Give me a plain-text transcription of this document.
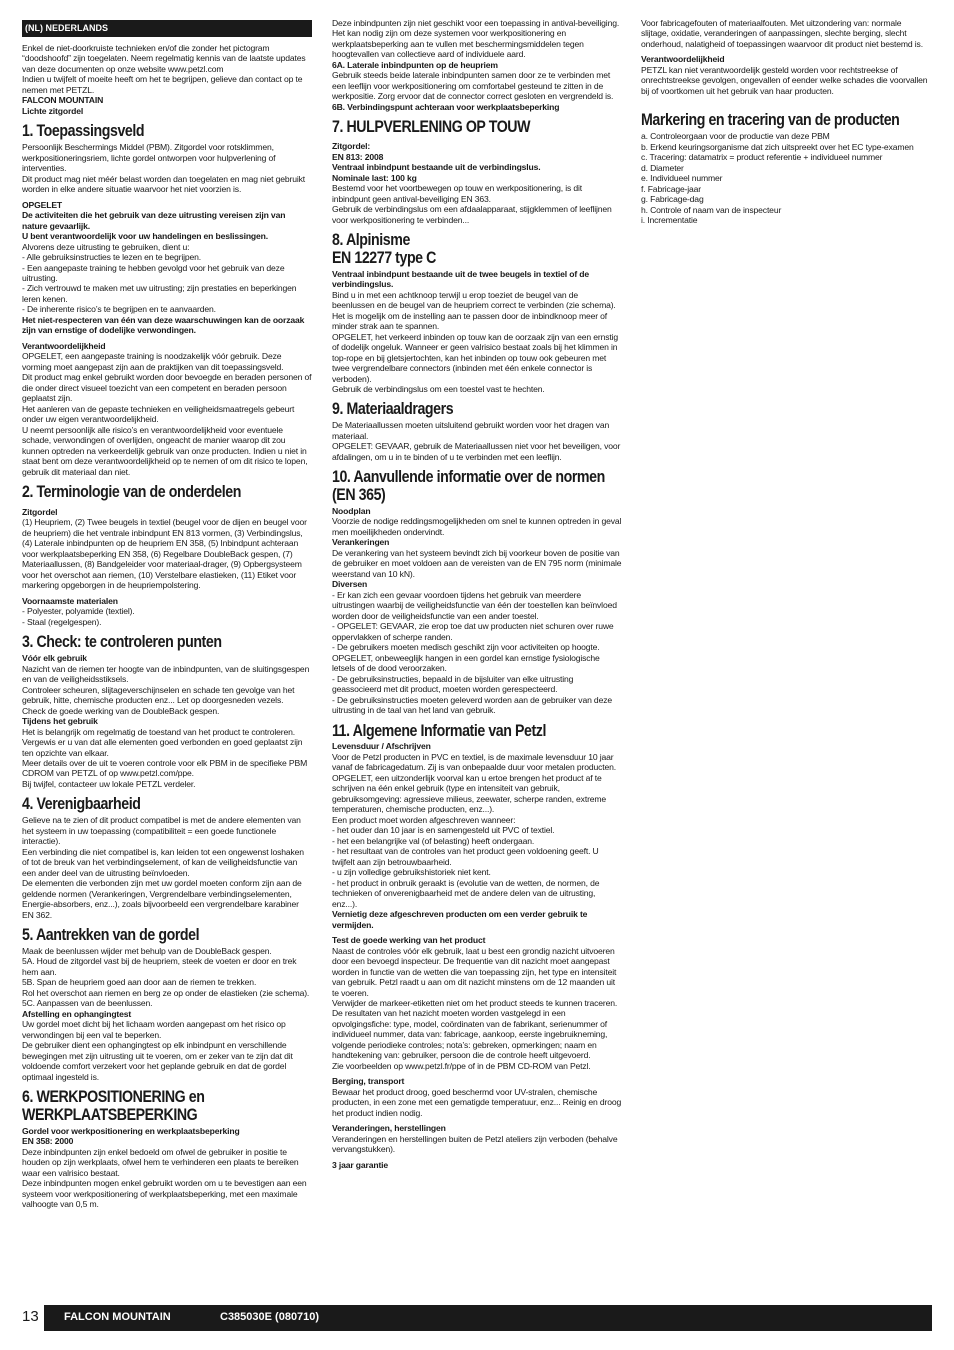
(NL) NEDERLANDS

Enkel de niet-doorkruiste technieken en/of die zonder het pictogram “doodshoofd” zijn toegelaten. Neem regelmatig kennis van de laatste updates van deze documenten op onze website www.petzl.com

Indien u twijfelt of moeite heeft om het te begrijpen, gelieve dan contact op te nemen met PETZL.

FALCON MOUNTAIN

Lichte zitgordel

1. Toepassingsveld

Persoonlijk Beschermings Middel (PBM). Zitgordel voor rotsklimmen, werkpositioneringsriem, lichte gordel ontworpen voor hulpverlening of interventies.

Dit product mag niet méér belast worden dan toegelaten en mag niet gebruikt worden in elke andere situatie waarvoor het niet voorzien is.

OPGELET

De activiteiten die het gebruik van deze uitrusting vereisen zijn van nature gevaarlijk.

U bent verantwoordelijk voor uw handelingen en beslissingen.

Alvorens deze uitrusting te gebruiken, dient u:

- Alle gebruiksinstructies te lezen en te begrijpen.

- Een aangepaste training te hebben gevolgd voor het gebruik van deze uitrusting.

- Zich vertrouwd te maken met uw uitrusting; zijn prestaties en beperkingen leren kenen.

- De inherente risico’s te begrijpen en te aanvaarden.

Het niet-respecteren van één van deze waarschuwingen kan de oorzaak zijn van ernstige of dodelijke verwondingen.

Verantwoordelijkheid

OPGELET, een aangepaste training is noodzakelijk vóór gebruik. Deze vorming moet aangepast zijn aan de praktijken van dit toepassingsveld.

Dit product mag enkel gebruikt worden door bevoegde en beraden personen of die onder direct visueel toezicht van een competent en beraden persoon geplaatst zijn.

Het aanleren van de gepaste technieken en veiligheidsmaatregels gebeurt onder uw eigen verantwoordelijkheid.

U neemt persoonlijk alle risico’s en verantwoordelijkheid voor eventuele schade, verwondingen of overlijden, ongeacht de manier waarop dit zou kunnen optreden na verkeerdelijk gebruik van onze producten. Indien u niet in staat bent om deze verantwoordelijkheid op te nemen of om dit risico te lopen, gebruik dit materiaal dan niet.

2. Terminologie van de onderdelen

Zitgordel

(1) Heupriem, (2) Twee beugels in textiel (beugel voor de dijen en beugel voor de heupriem) die het ventrale inbindpunt EN 813 vormen, (3) Verbindingslus, (4) Laterale inbindpunten op de heupriem EN 358, (5) Inbindpunt achteraan voor werkplaatsbeperking EN 358, (6) Regelbare DoubleBack gespen, (7) Materiaallussen, (8) Bandgeleider voor materiaal-drager, (9) Opbergsysteem voor het overschot aan riemen, (10) Verstelbare elastieken, (11) Etiket voor markering opgeborgen in de heupriempolstering.

Voornaamste materialen

- Polyester, polyamide (textiel).

- Staal (regelgespen).

3. Check: te controleren punten

Vóór elk gebruik

Nazicht van de riemen ter hoogte van de inbindpunten, van de sluitingsgespen en van de veiligheidsstiksels.

Controleer scheuren, slijtageverschijnselen en schade ten gevolge van het gebruik, hitte, chemische producten enz... Let op doorgesneden vezels.

Check de goede werking van de DoubleBack gespen.

Tijdens het gebruik

Het is belangrijk om regelmatig de toestand van het product te controleren. Vergewis er u van dat alle elementen goed verbonden en goed geplaatst zijn ten opzichte van elkaar.

Meer details over de uit te voeren controle voor elk PBM in de specifieke PBM CDROM van PETZL of op www.petzl.com/ppe.

Bij twijfel, contacteer uw lokale PETZL verdeler.

4. Verenigbaarheid

Gelieve na te zien of dit product compatibel is met de andere elementen van het systeem in uw toepassing (compatibiliteit = een goede functionele interactie).

Een verbinding die niet compatibel is, kan leiden tot een ongewenst loshaken of tot de breuk van het verbindingselement, of kan de veiligheidsfunctie van een ander deel van de uitrusting beïnvloeden.

De elementen die verbonden zijn met uw gordel moeten conform zijn aan de geldende normen (Verankeringen, Vergrendelbare verbindingselementen, Energie-absorbers, enz...), zoals bijvoorbeeld een vergrendelbare karabiner EN 362.

5. Aantrekken van de gordel

Maak de beenlussen wijder met behulp van de DoubleBack gespen.

5A. Houd de zitgordel vast bij de heupriem, steek de voeten er door en trek hem aan.

5B. Span de heupriem goed aan door aan de riemen te trekken.

Rol het overschot aan riemen en berg ze op onder de elastieken (zie schema).

5C. Aanpassen van de beenlussen.

Afstelling en ophangingtest

Uw gordel moet dicht bij het lichaam worden aangepast om het risico op verwondingen bij een val te beperken.

De gebruiker dient een ophangingtest op elk inbindpunt en verschillende bewegingen met zijn uitrusting uit te voeren, om er zeker van te zijn dat dit voldoende comfort verzekert voor het geplande gebruik en dat de gordel optimaal ingesteld is.

6. WERKPOSITIONERING en
WERKPLAATSBEPERKING

Gordel voor werkpositionering en werkplaatsbeperking

EN 358: 2000

Deze inbindpunten zijn enkel bedoeld om ofwel de gebruiker in positie te houden op zijn werkplaats, ofwel hem te verhinderen een plaats te bereiken waar een valrisico bestaat.

Deze inbindpunten mogen enkel gebruikt worden om u te bevestigen aan een systeem voor werkpositionering of werkplaatsbeperking, met een maximale valhoogte van 0,5 m.

Deze inbindpunten zijn niet geschikt voor een toepassing in antival-beveiliging. Het kan nodig zijn om deze systemen voor werkpositionering en werkplaatsbeperking aan te vullen met beschermingsmiddelen tegen hoogtevallen van collectieve aard of individuele aard.

6A. Laterale inbindpunten op de heupriem

Gebruik steeds beide laterale inbindpunten samen door ze te verbinden met een leeflijn voor werkpositionering om comfortabel gesteund te zitten in de werkpositie. Zorg ervoor dat de connector correct gesloten en vergrendeld is.

6B. Verbindingspunt achteraan voor werkplaatsbeperking

7. HULPVERLENING OP TOUW

Zitgordel:

EN 813: 2008

Ventraal inbindpunt bestaande uit de verbindingslus.

Nominale last: 100 kg

Bestemd voor het voortbewegen op touw en werkpositionering, is dit inbindpunt geen antival-beveiliging EN 363.

Gebruik de verbindingslus om een afdaalapparaat, stijgklemmen of leeflijnen voor werkpositionering te verbinden...

8. Alpinisme
EN 12277 type C

Ventraal inbindpunt bestaande uit de twee beugels in textiel of de verbindingslus.

Bind u in met een achtknoop terwijl u erop toeziet de beugel van de beenlussen en de beugel van de heupriem correct te verbinden (zie schema).

Het is mogelijk om de instelling aan te passen door de inbindknoop meer of minder strak aan te spannen.

OPGELET, het verkeerd inbinden op touw kan de oorzaak zijn van een ernstig of dodelijk ongeluk. Wanneer er geen valrisico bestaat zoals bij het klimmen in top-rope en bij gletsjertochten, kan het inbinden op touw ook gebeuren met twee vergrendelbare connectors (inbinden met één enkele connector is verboden).

Gebruik de verbindingslus om een toestel vast te hechten.

9. Materiaaldragers

De Materiaallussen moeten uitsluitend gebruikt worden voor het dragen van materiaal.

OPGELET: GEVAAR, gebruik de Materiaallussen niet voor het beveiligen, voor afdalingen, om u in te binden of u te verbinden met een leeflijn.

10. Aanvullende informatie over de normen
(EN 365)

Noodplan

Voorzie de nodige reddingsmogelijkheden om snel te kunnen optreden in geval men moeilijkheden ondervindt.

Verankeringen

De verankering van het systeem bevindt zich bij voorkeur boven de positie van de gebruiker en moet voldoen aan de vereisten van de EN 795 norm (minimale weerstand van 10 kN).

Diversen

- Er kan zich een gevaar voordoen tijdens het gebruik van meerdere uitrustingen waarbij de veiligheidsfunctie van één der toestellen kan beïnvloed worden door de veiligheidsfunctie van een ander toestel.

- OPGELET: GEVAAR, zie erop toe dat uw producten niet schuren over ruwe oppervlakken of scherpe randen.

- De gebruikers moeten medisch geschikt zijn voor activiteiten op hoogte. OPGELET, onbeweeglijk hangen in een gordel kan ernstige fysiologische letsels of de dood veroorzaken.

- De gebruiksinstructies, bepaald in de bijsluiter van elke uitrusting geassocieerd met dit product, moeten worden gerespecteerd.

- De gebruiksinstructies moeten geleverd worden aan de gebruiker van deze uitrusting in de taal van het land van gebruik.

11. Algemene Informatie van Petzl

Levensduur / Afschrijven

Voor de Petzl producten in PVC en textiel, is de maximale levensduur 10 jaar vanaf de fabricagedatum. Zij is van onbepaalde duur voor metalen producten.

OPGELET, een uitzonderlijk voorval kan u ertoe brengen het product af te schrijven na één enkel gebruik (type en intensiteit van gebruik, gebruiksomgeving: agressieve milieus, zeewater, scherpe randen, extreme temperaturen, chemische producten, enz...).

Een product moet worden afgeschreven wanneer:

- het ouder dan 10 jaar is en samengesteld uit PVC of textiel.

- het een belangrijke val (of belasting) heeft ondergaan.

- het resultaat van de controles van het product geen voldoening geeft. U twijfelt aan zijn betrouwbaarheid.

- u zijn volledige gebruikshistoriek niet kent.

- het product in onbruik geraakt is (evolutie van de wetten, de normen, de technieken of onverenigbaarheid met de andere delen van de uitrusting, enz...).

Vernietig deze afgeschreven producten om een verder gebruik te vermijden.

Test de goede werking van het product

Naast de controles vóór elk gebruik, laat u best een grondig nazicht uitvoeren door een bevoegd inspecteur. De frequentie van dit nazicht moet aangepast worden in functie van de wetten die van toepassing zijn, het type en intensiteit van gebruik. Petzl raadt u aan om dit nazicht minstens om de 12 maanden uit te voeren.

Verwijder de markeer-etiketten niet om het product steeds te kunnen traceren.

De resultaten van het nazicht moeten worden vastgelegd in een opvolgingsfiche: type, model, coördinaten van de fabrikant, serienummer of individueel nummer, data van: fabricage, aankoop, eerste ingebruikneming, volgende periodieke controles; nota’s: gebreken, opmerkingen; naam en handtekening van: gebruiker, persoon die de controle heeft uitgevoerd.

Zie voorbeelden op www.petzl.fr/ppe of in de PBM CD-ROM van Petzl.

Berging, transport

Bewaar het product droog, goed beschermd voor UV-stralen, chemische producten, in een zone met een gematigde temperatuur, enz... Reinig en droog het product indien nodig.

Veranderingen, herstellingen

Veranderingen en herstellingen buiten de Petzl ateliers zijn verboden (behalve vervangstukken).

3 jaar garantie

Voor fabricagefouten of materiaalfouten. Met uitzondering van: normale slijtage, oxidatie, veranderingen of aanpassingen, slechte berging, slecht onderhoud, nalatigheid of toepassingen waarvoor dit product niet bestemd is.

Verantwoordelijkheid

PETZL kan niet verantwoordelijk gesteld worden voor rechtstreekse of onrechtstreekse gevolgen, ongevallen of eender welke schades die voorvallen bij of voortkomen uit het gebruik van haar producten.

Markering en tracering van de producten

a. Controleorgaan voor de productie van deze PBM

b. Erkend keuringsorganisme dat zich uitspreekt over het EC type-examen

c. Tracering: datamatrix = product referentie + individueel nummer

d. Diameter

e. Individueel nummer

f. Fabricage-jaar

g. Fabricage-dag

h. Controle of naam van de inspecteur

i. Incrementatie

13 FALCON MOUNTAIN	C385030E (080710)
